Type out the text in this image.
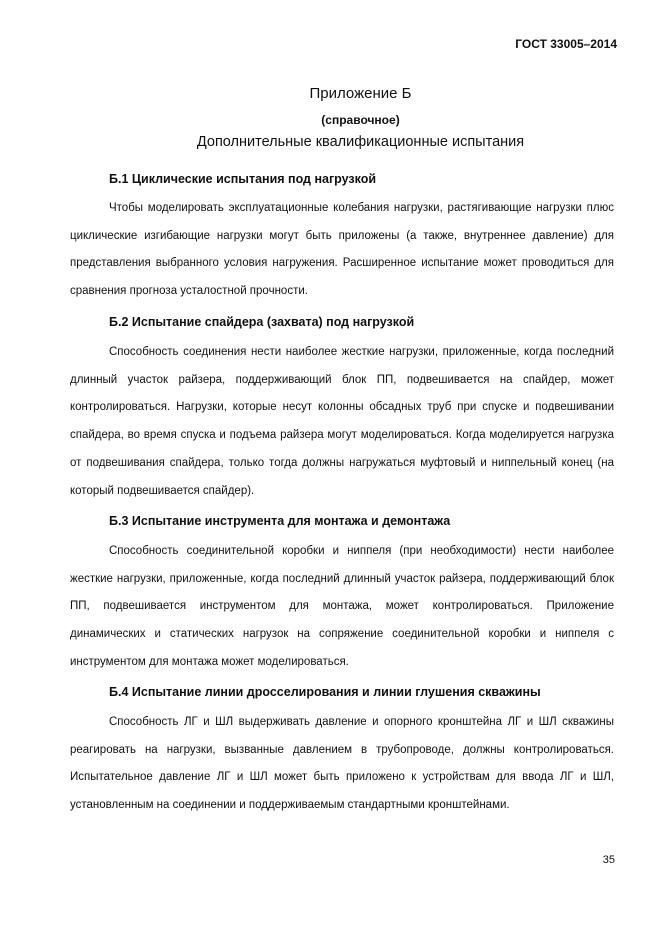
ГОСТ 33005–2014
Приложение Б
(справочное)
Дополнительные квалификационные испытания
Б.1 Циклические испытания под нагрузкой

Чтобы моделировать эксплуатационные колебания нагрузки, растягивающие нагрузки плюс циклические изгибающие нагрузки могут быть приложены (а также, внутреннее давление) для представления выбранного условия нагружения. Расширенное испытание может проводиться для сравнения прогноза усталостной прочности.

Б.2 Испытание спайдера (захвата) под нагрузкой

Способность соединения нести наиболее жесткие нагрузки, приложенные, когда последний длинный участок райзера, поддерживающий блок ПП, подвешивается на спайдер, может контролироваться. Нагрузки, которые несут колонны обсадных труб при спуске и подвешивании спайдера, во время спуска и подъема райзера могут моделироваться. Когда моделируется нагрузка от подвешивания спайдера, только тогда должны нагружаться муфтовый и ниппельный конец (на который подвешивается спайдер).

Б.3 Испытание инструмента для монтажа и демонтажа

Способность соединительной коробки и ниппеля (при необходимости) нести наиболее жесткие нагрузки, приложенные, когда последний длинный участок райзера, поддерживающий блок ПП, подвешивается инструментом для монтажа, может контролироваться. Приложение динамических и статических нагрузок на сопряжение соединительной коробки и ниппеля с инструментом для монтажа может моделироваться.

Б.4 Испытание линии дросселирования и линии глушения скважины

Способность ЛГ и ШЛ выдерживать давление и опорного кронштейна ЛГ и ШЛ скважины реагировать на нагрузки, вызванные давлением в трубопроводе, должны контролироваться. Испытательное давление ЛГ и ШЛ может быть приложено к устройствам для ввода ЛГ и ШЛ, установленным на соединении и поддерживаемым стандартными кронштейнами.

35
